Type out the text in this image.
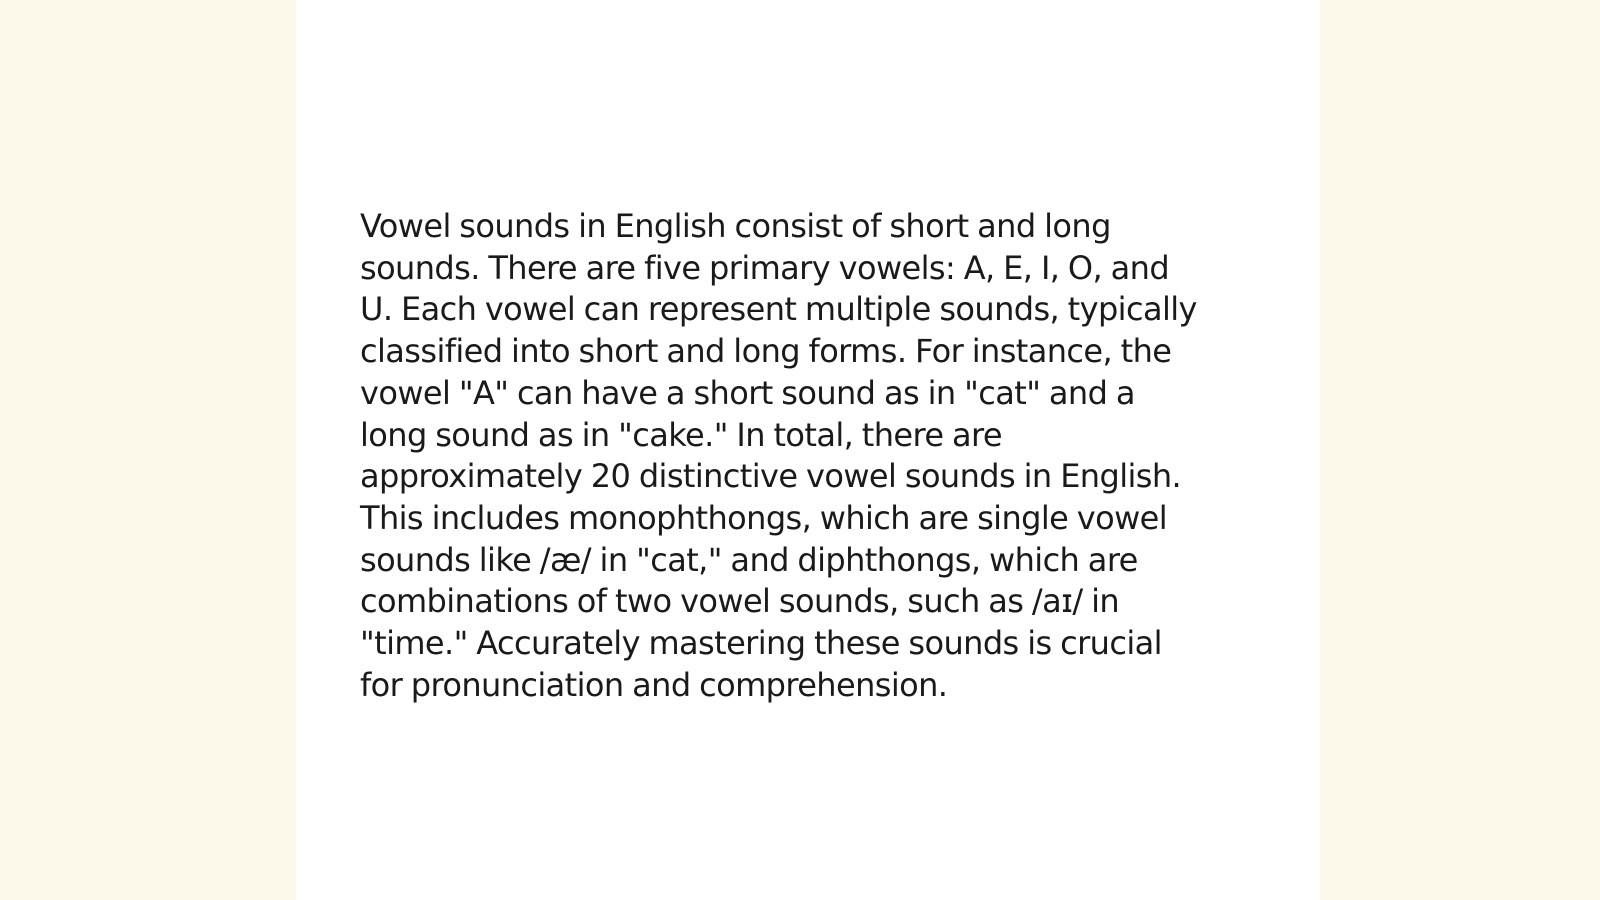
Vowel sounds in English consist of short and long
sounds. There are five primary vowels: A, E, I, O, and
U. Each vowel can represent multiple sounds, typically
classified into short and long forms. For instance, the
vowel "A" can have a short sound as in "cat" and a
long sound as in "cake." In total, there are
approximately 20 distinctive vowel sounds in English.
This includes monophthongs, which are single vowel
sounds like /æ/ in "cat," and diphthongs, which are
combinations of two vowel sounds, such as /aɪ/ in
"time." Accurately mastering these sounds is crucial
for pronunciation and comprehension.
